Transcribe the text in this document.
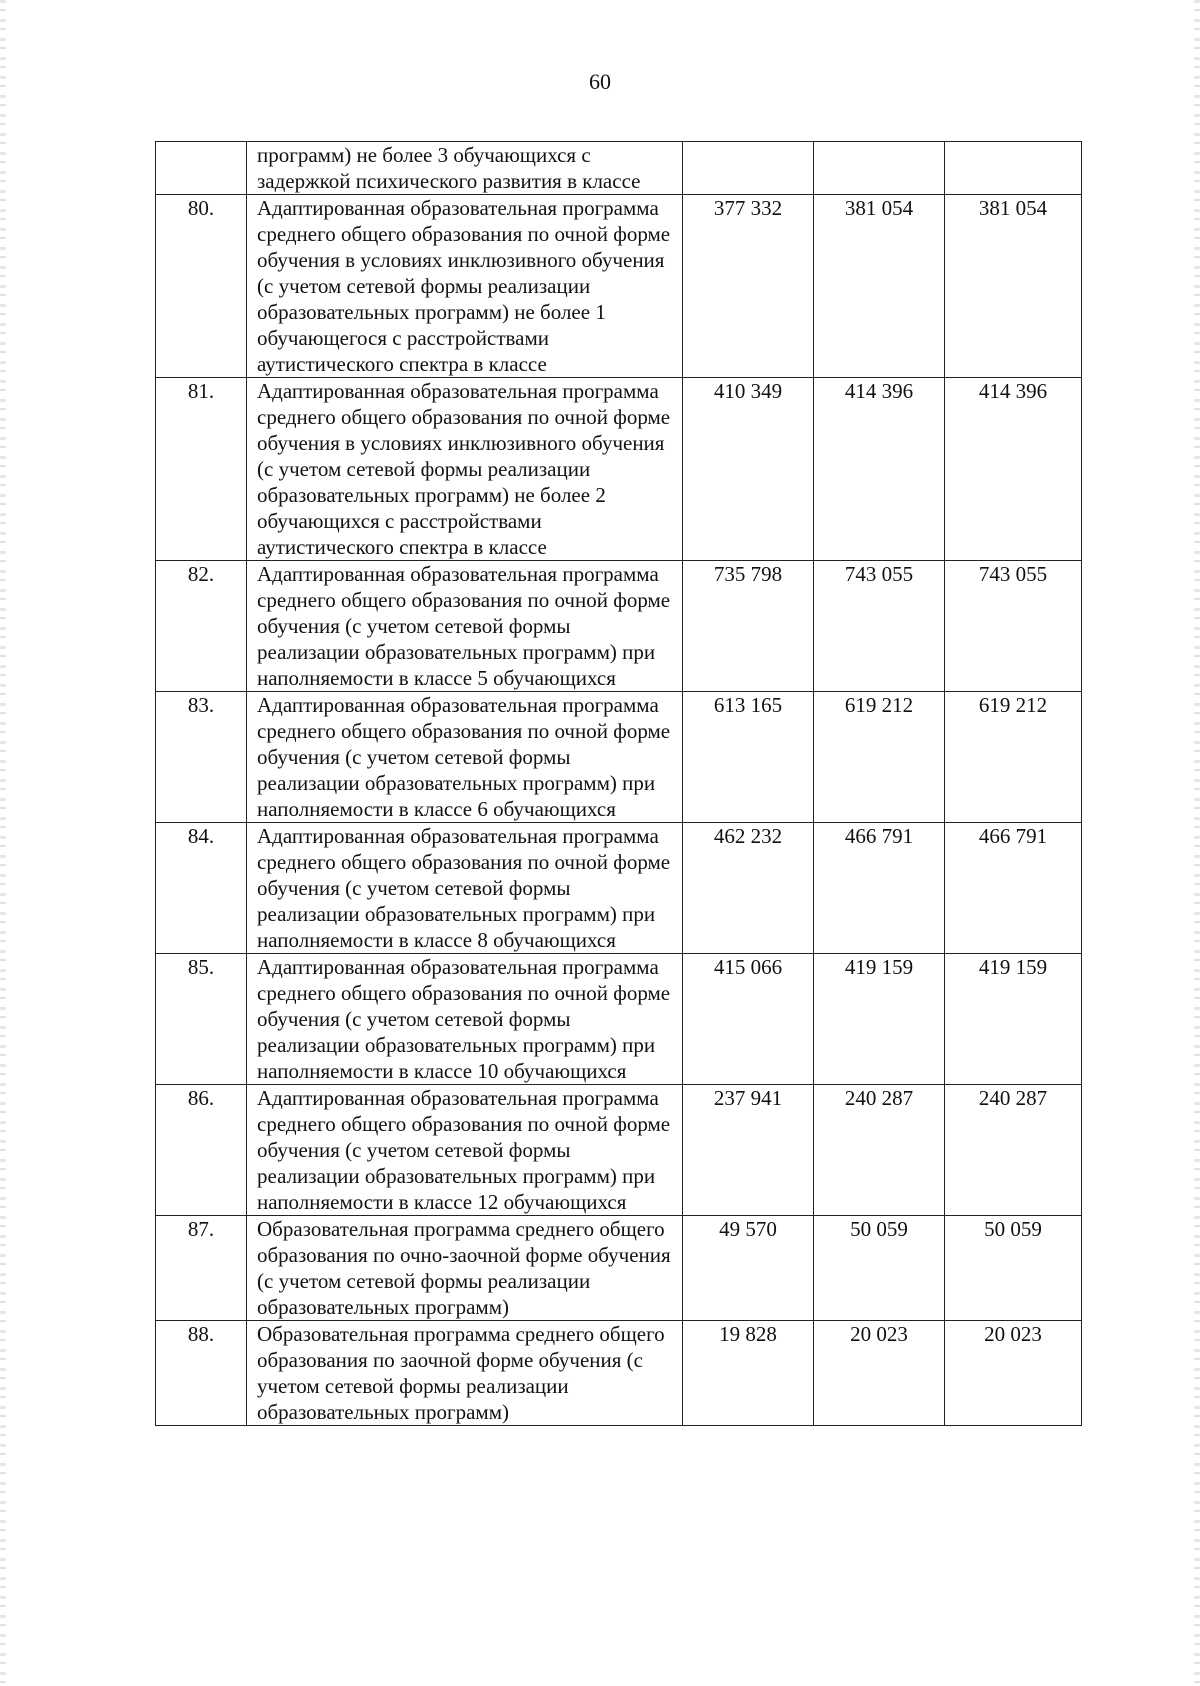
60
	программ) не более 3 обучающихся с задержкой психического развития в классе			
80.	Адаптированная образовательная программа среднего общего образования по очной форме обучения в условиях инклюзивного обучения (с учетом сетевой формы реализации образовательных программ) не более 1 обучающегося с расстройствами аутистического спектра в классе	377 332	381 054	381 054
81.	Адаптированная образовательная программа среднего общего образования по очной форме обучения в условиях инклюзивного обучения (с учетом сетевой формы реализации образовательных программ) не более 2 обучающихся с расстройствами аутистического спектра в классе	410 349	414 396	414 396
82.	Адаптированная образовательная программа среднего общего образования по очной форме обучения (с учетом сетевой формы реализации образовательных программ) при наполняемости в классе 5 обучающихся	735 798	743 055	743 055
83.	Адаптированная образовательная программа среднего общего образования по очной форме обучения (с учетом сетевой формы реализации образовательных программ) при наполняемости в классе 6 обучающихся	613 165	619 212	619 212
84.	Адаптированная образовательная программа среднего общего образования по очной форме обучения (с учетом сетевой формы реализации образовательных программ) при наполняемости в классе 8 обучающихся	462 232	466 791	466 791
85.	Адаптированная образовательная программа среднего общего образования по очной форме обучения (с учетом сетевой формы реализации образовательных программ) при наполняемости в классе 10 обучающихся	415 066	419 159	419 159
86.	Адаптированная образовательная программа среднего общего образования по очной форме обучения (с учетом сетевой формы реализации образовательных программ) при наполняемости в классе 12 обучающихся	237 941	240 287	240 287
87.	Образовательная программа среднего общего образования по очно-заочной форме обучения (с учетом сетевой формы реализации образовательных программ)	49 570	50 059	50 059
88.	Образовательная программа среднего общего образования по заочной форме обучения (с учетом сетевой формы реализации образовательных программ)	19 828	20 023	20 023
